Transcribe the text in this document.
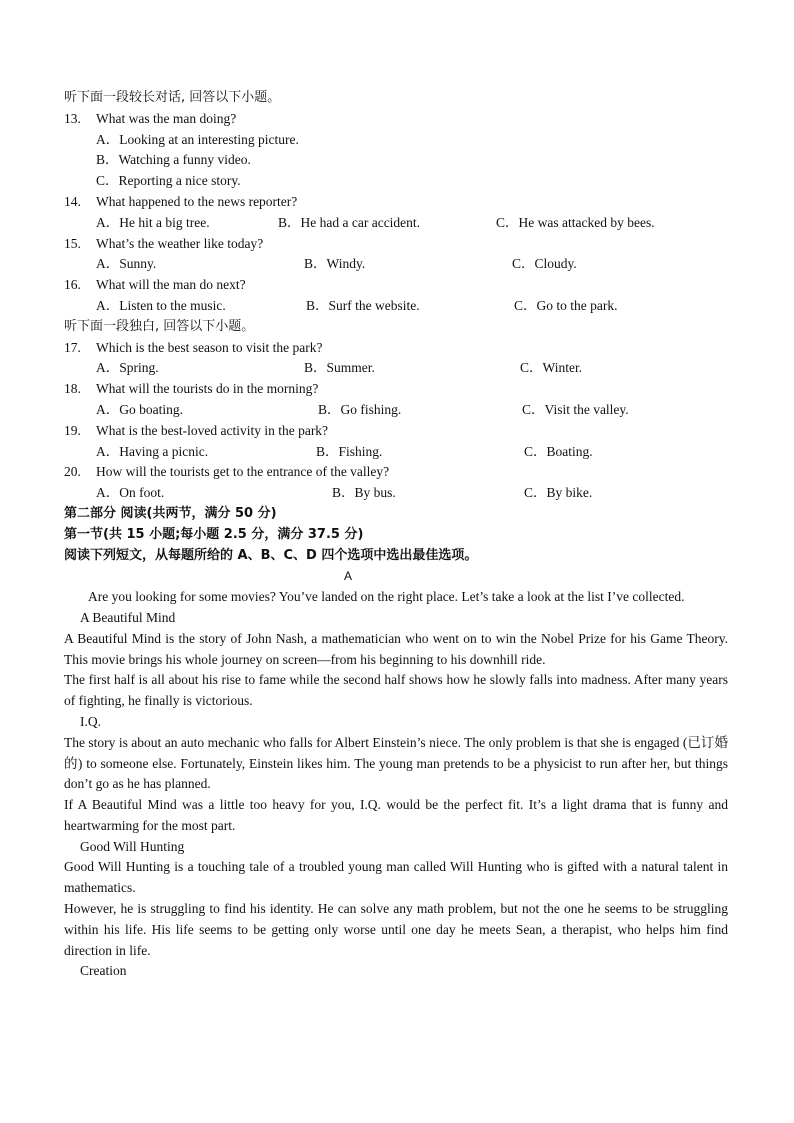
听下面一段较长对话, 回答以下小题。
13. What was the man doing?
A．Looking at an interesting picture.
B．Watching a funny video.
C．Reporting a nice story.
14. What happened to the news reporter?
A．He hit a big tree.	B．He had a car accident.	C．He was attacked by bees.
15. What’s the weather like today?
A．Sunny.	B．Windy.	C．Cloudy.
16. What will the man do next?
A．Listen to the music.	B．Surf the website.	C．Go to the park.
听下面一段独白, 回答以下小题。
17. Which is the best season to visit the park?
A．Spring.	B．Summer.	C．Winter.
18. What will the tourists do in the morning?
A．Go boating.	B．Go fishing.	C．Visit the valley.
19. What is the best-loved activity in the park?
A．Having a picnic.	B．Fishing.	C．Boating.
20. How will the tourists get to the entrance of the valley?
A．On foot.	B．By bus.	C．By bike.
第二部分 阅读(共两节，满分 50 分)
第一节(共 15 小题;每小题 2.5 分，满分 37.5 分)
阅读下列短文，从每题所给的 A、B、C、D 四个选项中选出最佳选项。
A
Are you looking for some movies? You’ve landed on the right place. Let’s take a look at the list I’ve collected.
A Beautiful Mind
A Beautiful Mind is the story of John Nash, a mathematician who went on to win the Nobel Prize for his Game Theory. This movie brings his whole journey on screen—from his beginning to his downhill ride.
The first half is all about his rise to fame while the second half shows how he slowly falls into madness. After many years of fighting, he finally is victorious.
I.Q.
The story is about an auto mechanic who falls for Albert Einstein’s niece. The only problem is that she is engaged (已订婚的) to someone else. Fortunately, Einstein likes him. The young man pretends to be a physicist to run after her, but things don’t go as he has planned.
If A Beautiful Mind was a little too heavy for you, I.Q. would be the perfect fit. It’s a light drama that is funny and heartwarming for the most part.
Good Will Hunting
Good Will Hunting is a touching tale of a troubled young man called Will Hunting who is gifted with a natural talent in mathematics.
However, he is struggling to find his identity. He can solve any math problem, but not the one he seems to be struggling within his life. His life seems to be getting only worse until one day he meets Sean, a therapist, who helps him find direction in life.
Creation
